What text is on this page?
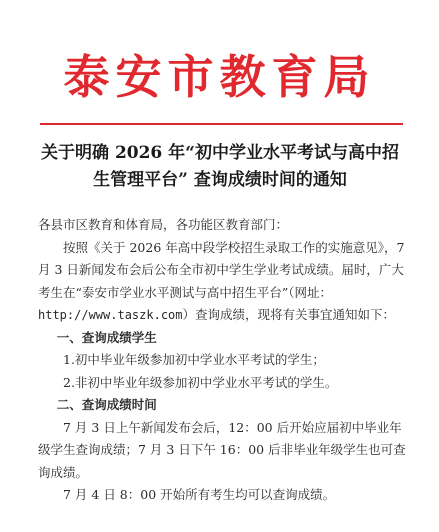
泰安市教育局
关于明确 2026 年“初中学业水平考试与高中招
生管理平台” 查询成绩时间的通知

各县市区教育和体育局，各功能区教育部门：

按照《关于 2026 年高中段学校招生录取工作的实施意见》，7 月 3 日新闻发布会后公布全市初中学生学业考试成绩。届时，广大考生在“泰安市学业水平测试与高中招生平台”（网址：http://www.taszk.com）查询成绩，现将有关事宜通知如下：

一、查询成绩学生

1.初中毕业年级参加初中学业水平考试的学生；

2.非初中毕业年级参加初中学业水平考试的学生。

二、查询成绩时间

7 月 3 日上午新闻发布会后，12：00 后开始应届初中毕业年级学生查询成绩；7 月 3 日下午 16：00 后非毕业年级学生也可查询成绩。

7 月 4 日 8：00 开始所有考生均可以查询成绩。
